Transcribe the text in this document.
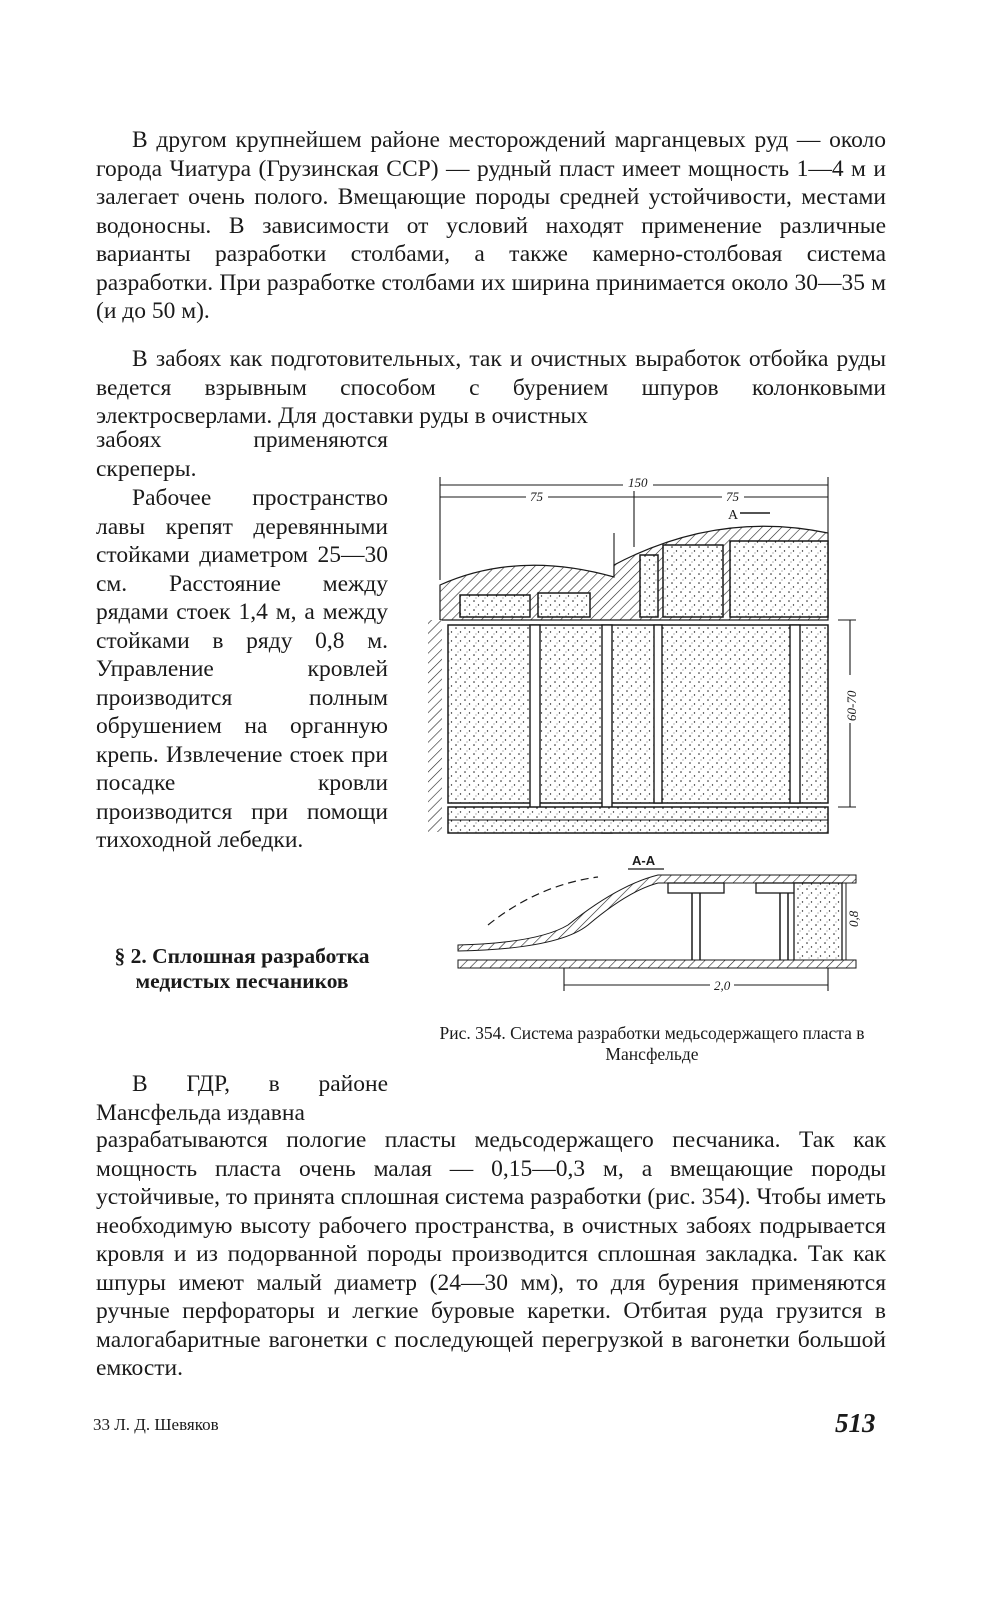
В другом крупнейшем районе месторождений марганцевых руд — около города Чиатура (Грузинская ССР) — рудный пласт имеет мощность 1—4 м и залегает очень полого. Вмещающие породы средней устойчивости, местами водоносны. В зависимости от условий находят применение различные варианты разработки столбами, а также камерно-столбовая система разработки. При разработке столбами их ширина принимается около 30—35 м (и до 50 м).

В забоях как подготовительных, так и очистных выработок отбойка руды ведется взрывным способом с бурением шпуров колонковыми электросверлами. Для доставки руды в очистных

забоях применяются скреперы.

Рабочее пространство лавы крепят деревянными стойками диаметром 25—30 см. Расстояние между рядами стоек 1,4 м, а между стойками в ряду 0,8 м. Управление кровлей производится полным обрушением на органную крепь. Извлечение стоек при посадке кровли производится при помощи тихоходной лебедки.

§ 2. Сплошная разработка медистых песчаников

В ГДР, в районе Мансфельда издавна

разрабатываются пологие пласты медьсодержащего песчаника. Так как мощность пласта очень малая — 0,15—0,3 м, а вмещающие породы устойчивые, то принята сплошная система разработки (рис. 354). Чтобы иметь необходимую высоту рабочего пространства, в очистных забоях подрывается кровля и из подорванной породы производится сплошная закладка. Так как шпуры имеют малый диаметр (24—30 мм), то для бурения применяются ручные перфораторы и легкие буровые каретки. Отбитая руда грузится в малогабаритные вагонетки с последующей перегрузкой в вагонетки большой емкости.

150
75	75
60-70
A
А-А
0,8
2,0

Рис. 354. Система разработки медьсодержащего пласта в Мансфельде

33 Л. Д. Шевяков	513
